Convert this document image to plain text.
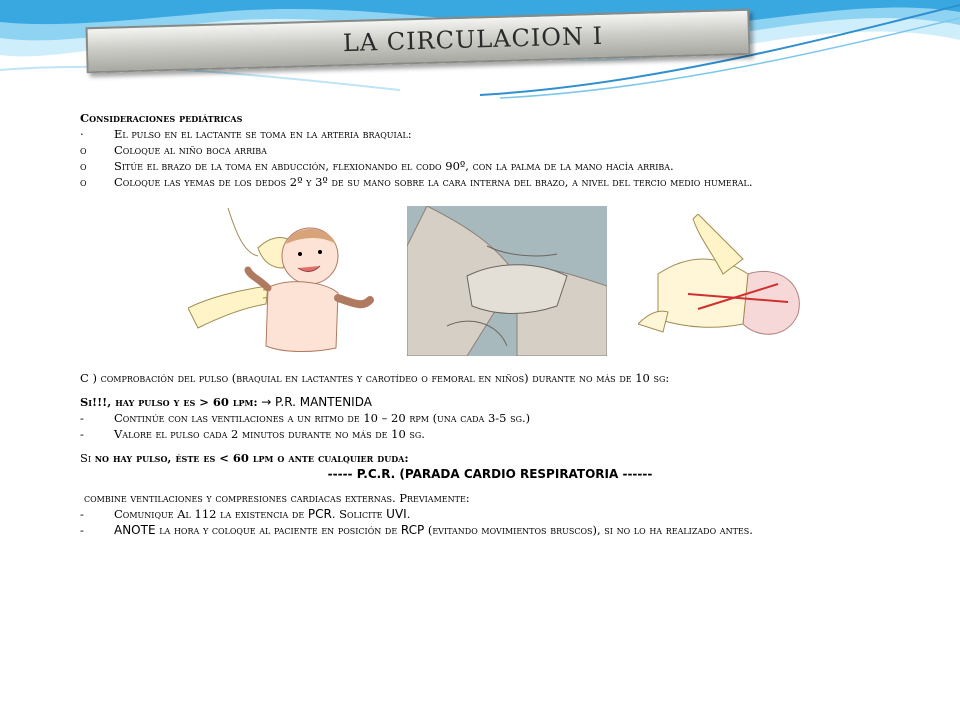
LA CIRCULACION I
Consideraciones pediátricas
·	El pulso en el lactante se toma en la arteria braquial:
o Coloque al niño boca arriba
o Sitúe el brazo de la toma en abducción, flexionando el codo 90º, con la palma de la mano hacía arriba.
o Coloque las yemas de los dedos 2º y 3º de su mano sobre la cara interna del brazo, a nivel del tercio medio humeral.
C ) comprobación del pulso (braquial en lactantes y carotídeo o femoral en niños) durante no más de 10 sg:
Si!!!, hay pulso y es > 60 lpm: → P.R. MANTENIDA
-	Continúe con las ventilaciones a un ritmo de 10 – 20 rpm (una cada 3-5 sg.)
-	Valore el pulso cada 2 minutos durante no más de 10 sg.
Si no hay pulso, éste es < 60 lpm o ante cualquier duda:
----- P.C.R. (PARADA CARDIO RESPIRATORIA ------
combine ventilaciones y compresiones cardiacas externas. Previamente:
-	Comunique Al 112 la existencia de PCR. Solicite UVI.
-	ANOTE la hora y coloque al paciente en posición de RCP (evitando movimientos bruscos), si no lo ha realizado antes.
